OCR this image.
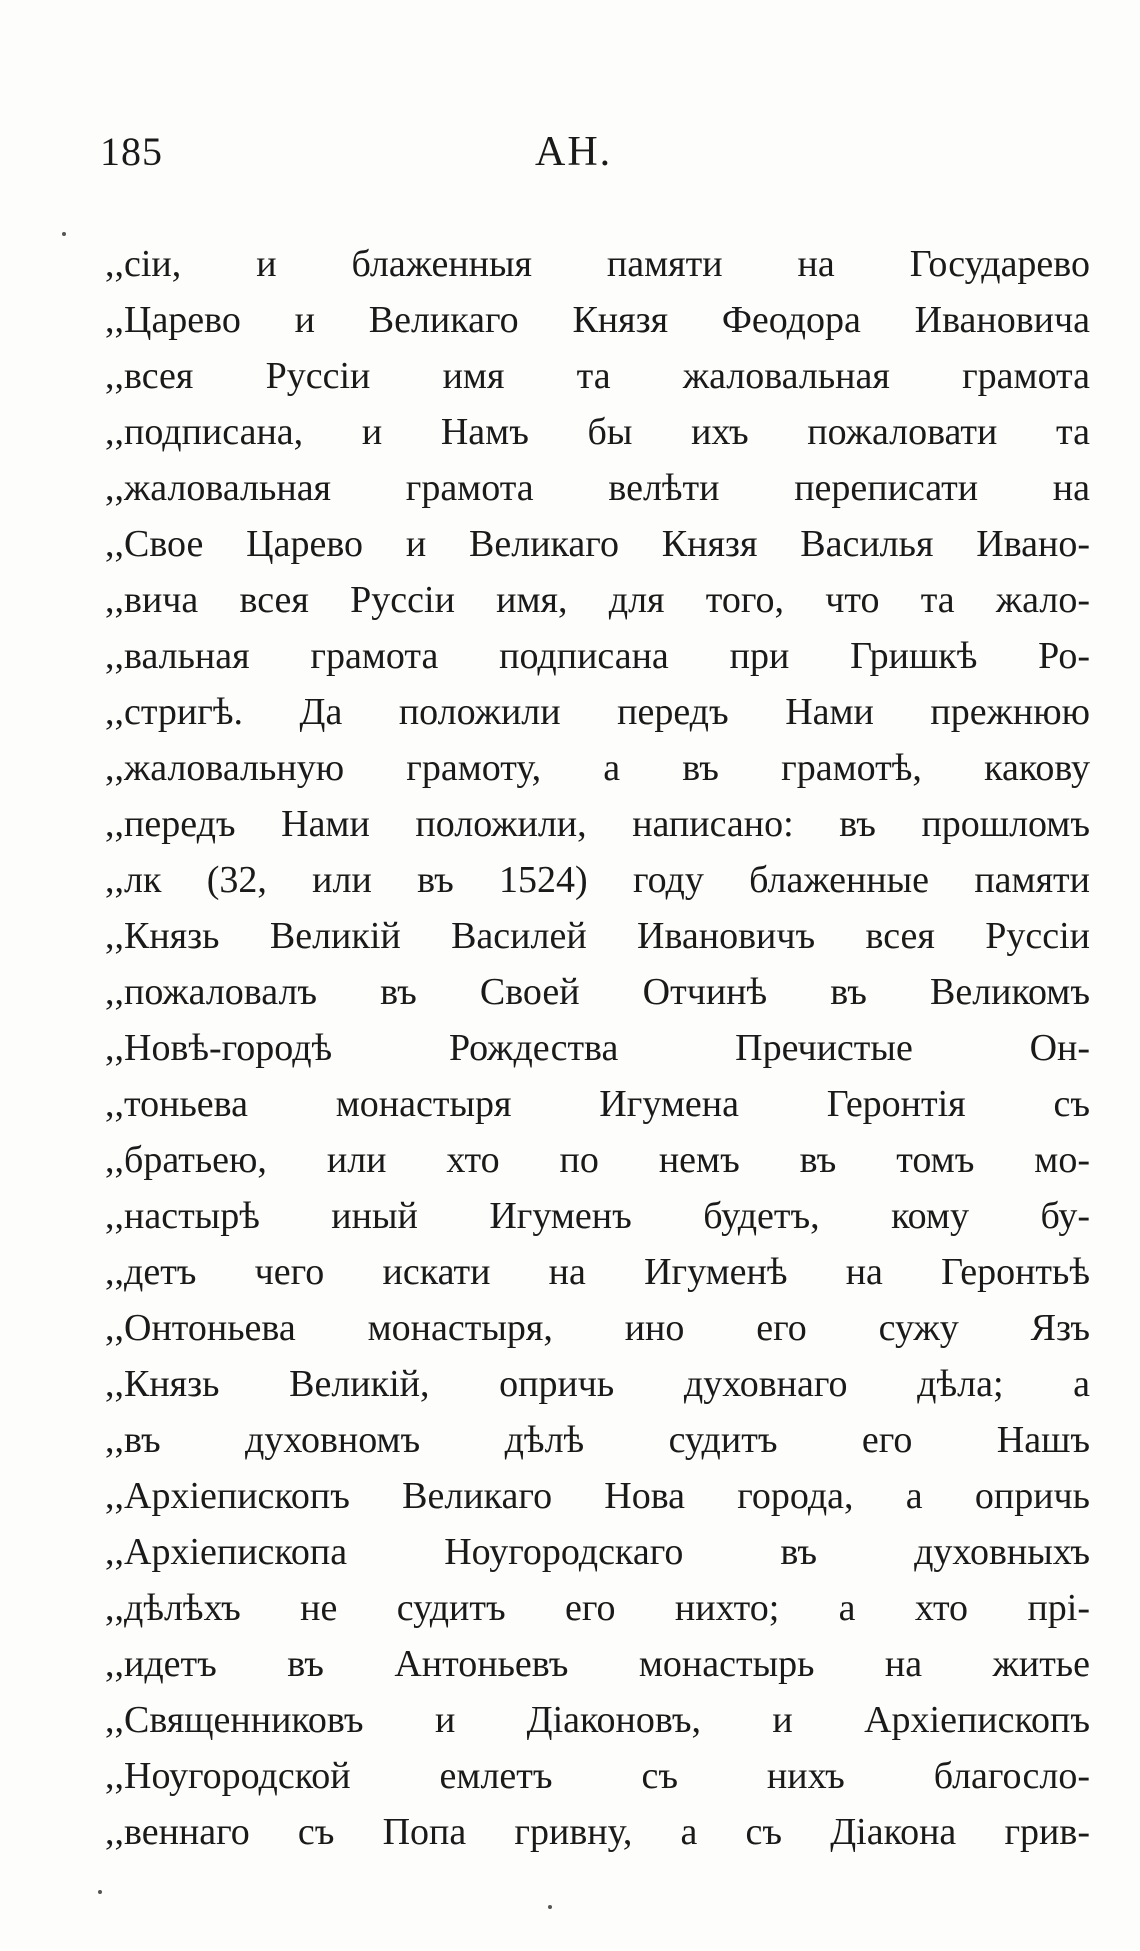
185	АН.
,,сіи, и блаженныя памяти на Государево
,,Царево и Великаго Князя Феодора Ивановича
,,всея Руссіи имя та жаловальная грамота
,,подписана, и Намъ бы ихъ пожаловати та
,,жаловальная грамота велѣти переписати на
,,Свое Царево и Великаго Князя Василья Ивано-
,,вича всея Руссіи имя, для того, что та жало-
,,вальная грамота подписана при Гришкѣ Ро-
,,стригѣ. Да положили передъ Нами прежнюю
,,жаловальную грамоту, а въ грамотѣ, какову
,,передъ Нами положили, написано: въ прошломъ
,,лк (32, или въ 1524) году блаженные памяти
,,Князь Великій Василей Ивановичъ всея Руссіи
,,пожаловалъ въ Своей Отчинѣ въ Великомъ
,,Новѣ-городѣ Рождества Пречистые Он-
,,тоньева монастыря Игумена Геронтія съ
,,братьею, или хто по немъ въ томъ мо-
,,настырѣ иный Игуменъ будетъ, кому бу-
,,детъ чего искати на Игуменѣ на Геронтьѣ
,,Онтоньева монастыря, ино его сужу Язъ
,,Князь Великій, опричь духовнаго дѣла; а
,,въ духовномъ дѣлѣ судитъ его Нашъ
,,Архіепископъ Великаго Нова города, а опричь
,,Архіепископа Ноугородскаго въ духовныхъ
,,дѣлѣхъ не судитъ его нихто; а хто прі-
,,идетъ въ Антоньевъ монастырь на житье
,,Священниковъ и Діаконовъ, и Архіепископъ
,,Ноугородской емлетъ съ нихъ благосло-
,,веннаго съ Попа гривну, а съ Діакона грив-
